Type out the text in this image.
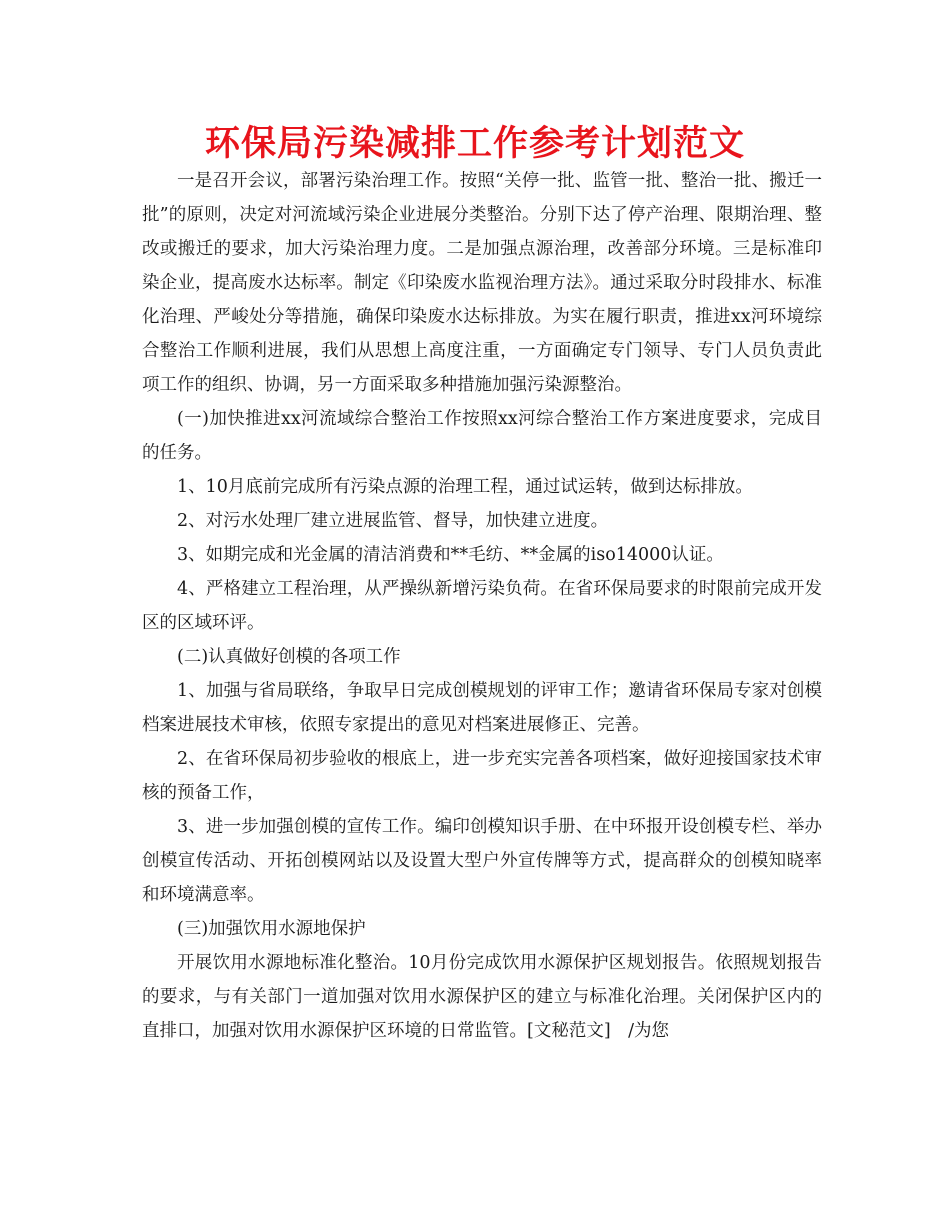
环保局污染减排工作参考计划范文

一是召开会议，部署污染治理工作。按照“关停一批、监管一批、整治一批、搬迁一批”的原则，决定对河流域污染企业进展分类整治。分别下达了停产治理、限期治理、整改或搬迁的要求，加大污染治理力度。二是加强点源治理，改善部分环境。三是标准印染企业，提高废水达标率。制定《印染废水监视治理方法》。通过采取分时段排水、标准化治理、严峻处分等措施，确保印染废水达标排放。为实在履行职责，推进xx河环境综合整治工作顺利进展，我们从思想上高度注重，一方面确定专门领导、专门人员负责此项工作的组织、协调，另一方面采取多种措施加强污染源整治。

(一)加快推进xx河流域综合整治工作按照xx河综合整治工作方案进度要求，完成目的任务。

1、10月底前完成所有污染点源的治理工程，通过试运转，做到达标排放。

2、对污水处理厂建立进展监管、督导，加快建立进度。

3、如期完成和光金属的清洁消费和**毛纺、**金属的iso14000认证。

4、严格建立工程治理，从严操纵新增污染负荷。在省环保局要求的时限前完成开发区的区域环评。

(二)认真做好创模的各项工作

1、加强与省局联络，争取早日完成创模规划的评审工作；邀请省环保局专家对创模档案进展技术审核，依照专家提出的意见对档案进展修正、完善。

2、在省环保局初步验收的根底上，进一步充实完善各项档案，做好迎接国家技术审核的预备工作，

3、进一步加强创模的宣传工作。编印创模知识手册、在中环报开设创模专栏、举办创模宣传活动、开拓创模网站以及设置大型户外宣传牌等方式，提高群众的创模知晓率和环境满意率。

(三)加强饮用水源地保护

开展饮用水源地标准化整治。10月份完成饮用水源保护区规划报告。依照规划报告的要求，与有关部门一道加强对饮用水源保护区的建立与标准化治理。关闭保护区内的直排口，加强对饮用水源保护区环境的日常监管。[文秘范文]　/为您
